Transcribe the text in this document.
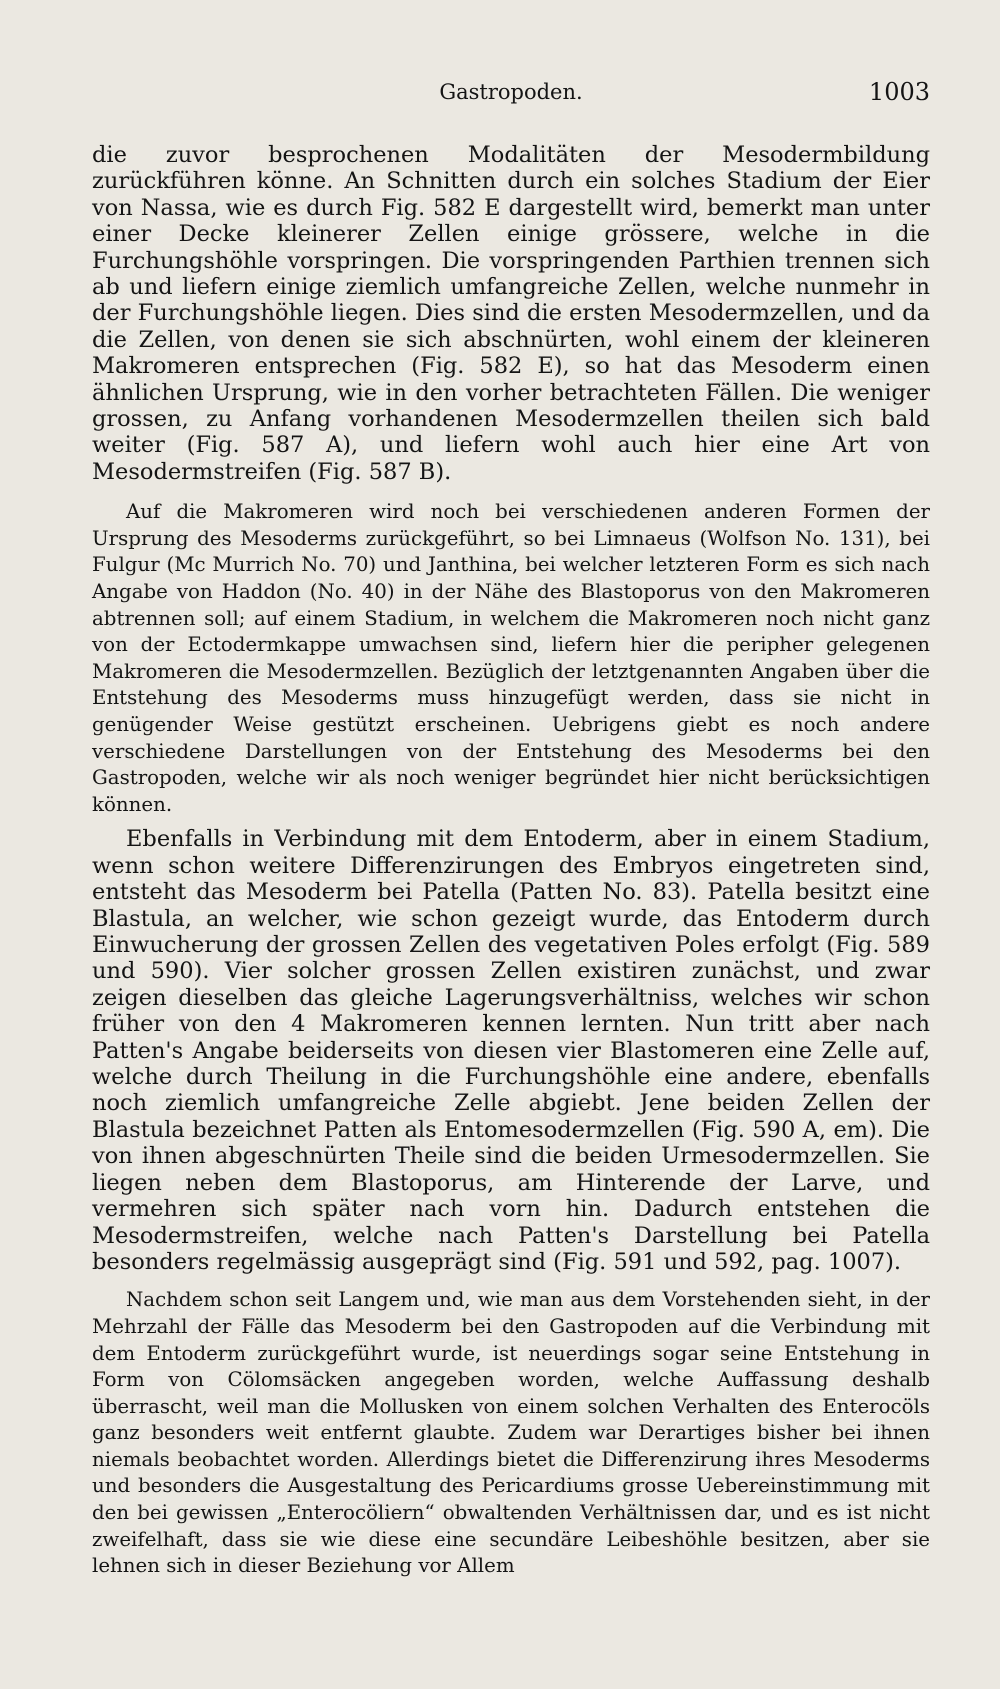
Gastropoden.	1003

die zuvor besprochenen Modalitäten der Mesodermbildung zurückführen könne. An Schnitten durch ein solches Stadium der Eier von Nassa, wie es durch Fig. 582 E dargestellt wird, bemerkt man unter einer Decke kleinerer Zellen einige grössere, welche in die Furchungshöhle vorspringen. Die vorspringenden Parthien trennen sich ab und liefern einige ziemlich umfangreiche Zellen, welche nunmehr in der Furchungshöhle liegen. Dies sind die ersten Mesodermzellen, und da die Zellen, von denen sie sich abschnürten, wohl einem der kleineren Makromeren entsprechen (Fig. 582 E), so hat das Mesoderm einen ähnlichen Ursprung, wie in den vorher betrachteten Fällen. Die weniger grossen, zu Anfang vorhandenen Mesodermzellen theilen sich bald weiter (Fig. 587 A), und liefern wohl auch hier eine Art von Mesodermstreifen (Fig. 587 B).

Auf die Makromeren wird noch bei verschiedenen anderen Formen der Ursprung des Mesoderms zurückgeführt, so bei Limnaeus (Wolfson No. 131), bei Fulgur (Mc Murrich No. 70) und Janthina, bei welcher letzteren Form es sich nach Angabe von Haddon (No. 40) in der Nähe des Blastoporus von den Makromeren abtrennen soll; auf einem Stadium, in welchem die Makromeren noch nicht ganz von der Ectodermkappe umwachsen sind, liefern hier die peripher gelegenen Makromeren die Mesodermzellen. Bezüglich der letztgenannten Angaben über die Entstehung des Mesoderms muss hinzugefügt werden, dass sie nicht in genügender Weise gestützt erscheinen. Uebrigens giebt es noch andere verschiedene Darstellungen von der Entstehung des Mesoderms bei den Gastropoden, welche wir als noch weniger begründet hier nicht berücksichtigen können.

Ebenfalls in Verbindung mit dem Entoderm, aber in einem Stadium, wenn schon weitere Differenzirungen des Embryos eingetreten sind, entsteht das Mesoderm bei Patella (Patten No. 83). Patella besitzt eine Blastula, an welcher, wie schon gezeigt wurde, das Entoderm durch Einwucherung der grossen Zellen des vegetativen Poles erfolgt (Fig. 589 und 590). Vier solcher grossen Zellen existiren zunächst, und zwar zeigen dieselben das gleiche Lagerungsverhältniss, welches wir schon früher von den 4 Makromeren kennen lernten. Nun tritt aber nach Patten's Angabe beiderseits von diesen vier Blastomeren eine Zelle auf, welche durch Theilung in die Furchungshöhle eine andere, ebenfalls noch ziemlich umfangreiche Zelle abgiebt. Jene beiden Zellen der Blastula bezeichnet Patten als Entomesodermzellen (Fig. 590 A, em). Die von ihnen abgeschnürten Theile sind die beiden Urmesodermzellen. Sie liegen neben dem Blastoporus, am Hinterende der Larve, und vermehren sich später nach vorn hin. Dadurch entstehen die Mesodermstreifen, welche nach Patten's Darstellung bei Patella besonders regelmässig ausgeprägt sind (Fig. 591 und 592, pag. 1007).

Nachdem schon seit Langem und, wie man aus dem Vorstehenden sieht, in der Mehrzahl der Fälle das Mesoderm bei den Gastropoden auf die Verbindung mit dem Entoderm zurückgeführt wurde, ist neuerdings sogar seine Entstehung in Form von Cölomsäcken angegeben worden, welche Auffassung deshalb überrascht, weil man die Mollusken von einem solchen Verhalten des Enterocöls ganz besonders weit entfernt glaubte. Zudem war Derartiges bisher bei ihnen niemals beobachtet worden. Allerdings bietet die Differenzirung ihres Mesoderms und besonders die Ausgestaltung des Pericardiums grosse Uebereinstimmung mit den bei gewissen „Enterocöliern“ obwaltenden Verhältnissen dar, und es ist nicht zweifelhaft, dass sie wie diese eine secundäre Leibeshöhle besitzen, aber sie lehnen sich in dieser Beziehung vor Allem
